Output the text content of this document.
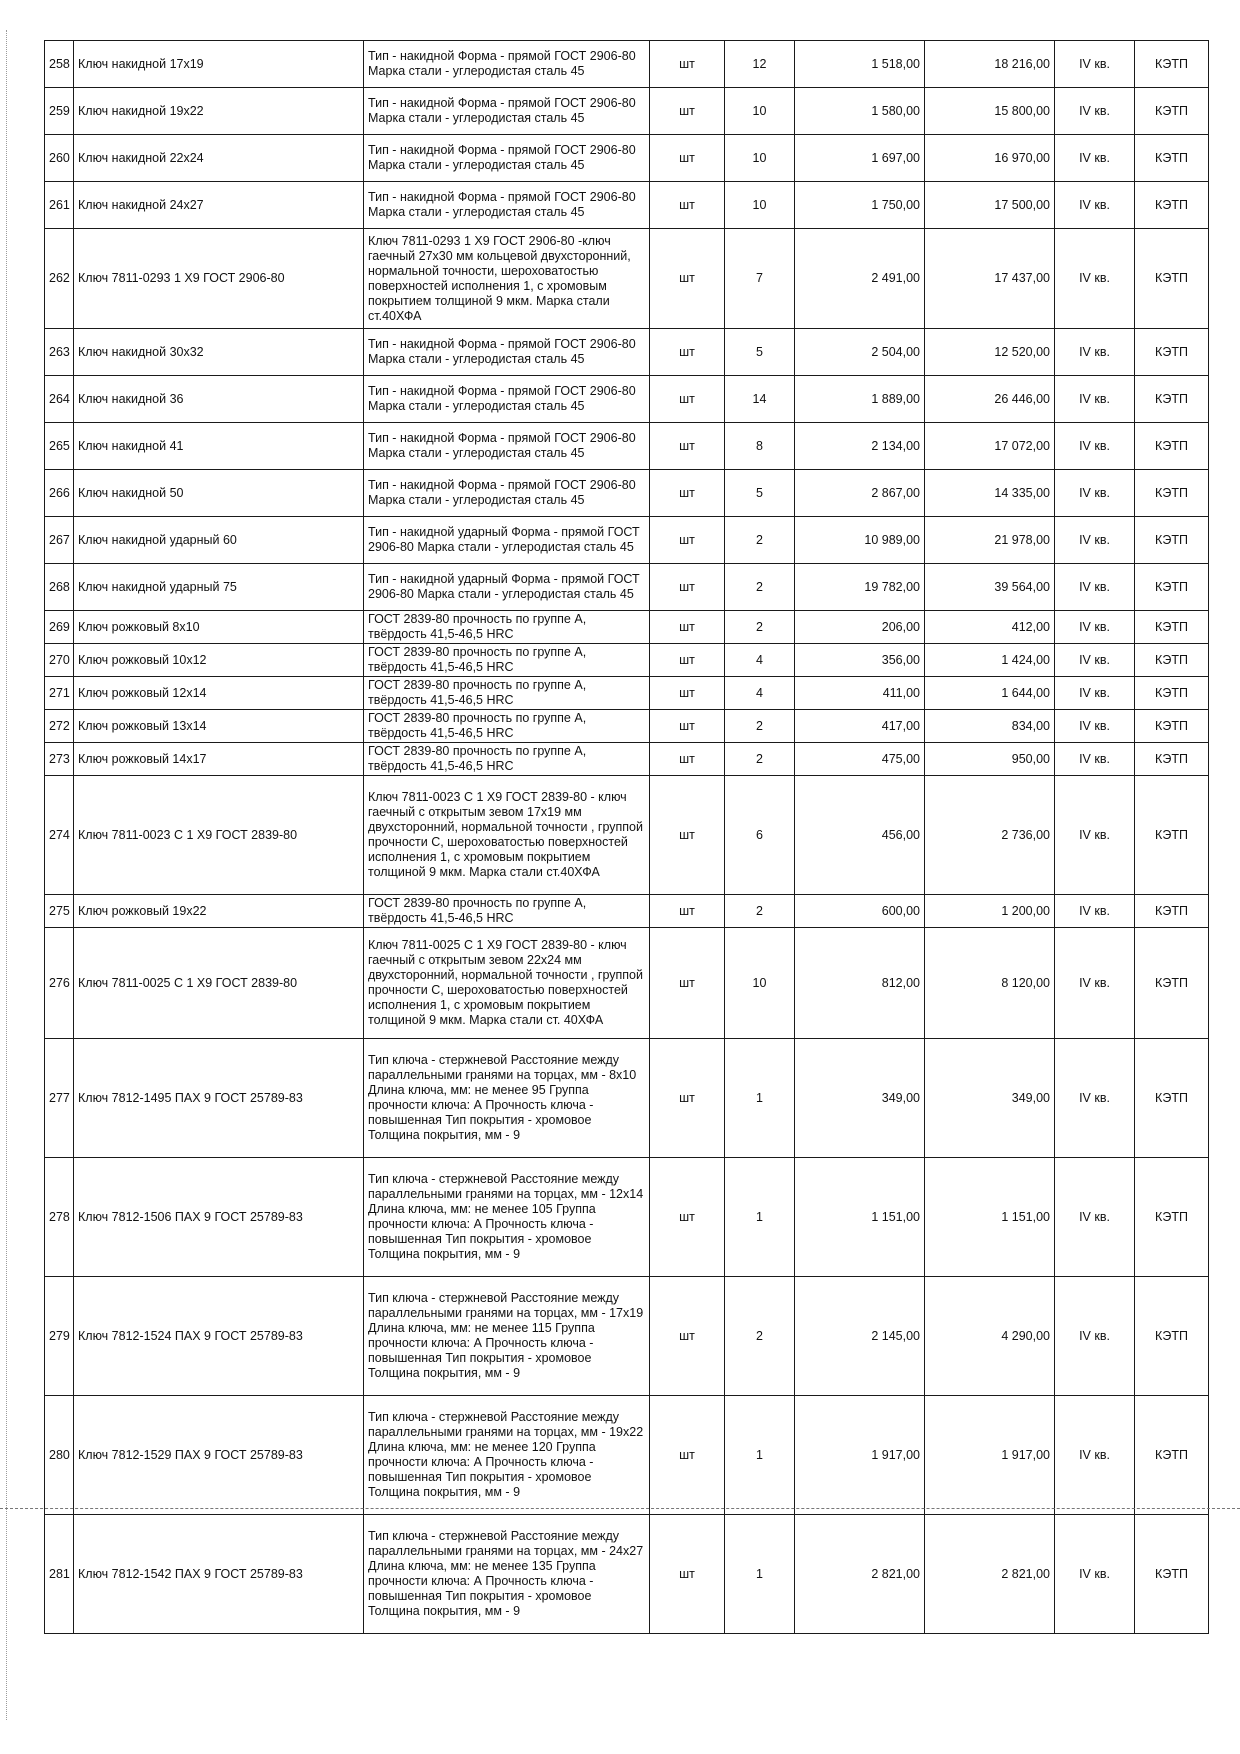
258	Ключ накидной 17х19	Тип - накидной Форма - прямой ГОСТ 2906-80 Марка стали - углеродистая сталь 45	шт	12	1 518,00	18 216,00	IV кв.	КЭТП
259	Ключ накидной 19х22	Тип - накидной Форма - прямой ГОСТ 2906-80 Марка стали - углеродистая сталь 45	шт	10	1 580,00	15 800,00	IV кв.	КЭТП
260	Ключ накидной 22х24	Тип - накидной Форма - прямой ГОСТ 2906-80 Марка стали - углеродистая сталь 45	шт	10	1 697,00	16 970,00	IV кв.	КЭТП
261	Ключ накидной 24х27	Тип - накидной Форма - прямой ГОСТ 2906-80 Марка стали - углеродистая сталь 45	шт	10	1 750,00	17 500,00	IV кв.	КЭТП
262	Ключ 7811-0293 1 Х9 ГОСТ 2906-80	Ключ 7811-0293 1 Х9 ГОСТ 2906-80 -ключ гаечный 27х30 мм кольцевой двухсторонний, нормальной точности, шероховатостью поверхностей исполнения 1, с хромовым покрытием толщиной 9 мкм. Марка стали ст.40ХФА	шт	7	2 491,00	17 437,00	IV кв.	КЭТП
263	Ключ накидной 30х32	Тип - накидной Форма - прямой ГОСТ 2906-80 Марка стали - углеродистая сталь 45	шт	5	2 504,00	12 520,00	IV кв.	КЭТП
264	Ключ накидной 36	Тип - накидной Форма - прямой ГОСТ 2906-80 Марка стали - углеродистая сталь 45	шт	14	1 889,00	26 446,00	IV кв.	КЭТП
265	Ключ накидной 41	Тип - накидной Форма - прямой ГОСТ 2906-80 Марка стали - углеродистая сталь 45	шт	8	2 134,00	17 072,00	IV кв.	КЭТП
266	Ключ накидной 50	Тип - накидной Форма - прямой ГОСТ 2906-80 Марка стали - углеродистая сталь 45	шт	5	2 867,00	14 335,00	IV кв.	КЭТП
267	Ключ накидной ударный 60	Тип - накидной ударный Форма - прямой ГОСТ 2906-80 Марка стали - углеродистая сталь 45	шт	2	10 989,00	21 978,00	IV кв.	КЭТП
268	Ключ накидной ударный 75	Тип - накидной ударный Форма - прямой ГОСТ 2906-80 Марка стали - углеродистая сталь 45	шт	2	19 782,00	39 564,00	IV кв.	КЭТП
269	Ключ рожковый 8х10	ГОСТ 2839-80 прочность по группе А, твёрдость 41,5-46,5 HRC	шт	2	206,00	412,00	IV кв.	КЭТП
270	Ключ рожковый 10х12	ГОСТ 2839-80 прочность по группе А, твёрдость 41,5-46,5 HRC	шт	4	356,00	1 424,00	IV кв.	КЭТП
271	Ключ рожковый 12х14	ГОСТ 2839-80 прочность по группе А, твёрдость 41,5-46,5 HRC	шт	4	411,00	1 644,00	IV кв.	КЭТП
272	Ключ рожковый 13х14	ГОСТ 2839-80 прочность по группе А, твёрдость 41,5-46,5 HRC	шт	2	417,00	834,00	IV кв.	КЭТП
273	Ключ рожковый 14х17	ГОСТ 2839-80 прочность по группе А, твёрдость 41,5-46,5 HRC	шт	2	475,00	950,00	IV кв.	КЭТП
274	Ключ 7811-0023 С 1 Х9 ГОСТ 2839-80	Ключ 7811-0023 С 1 Х9 ГОСТ 2839-80 - ключ гаечный с открытым зевом 17х19 мм двухсторонний, нормальной точности , группой прочности С, шероховатостью поверхностей исполнения 1, с хромовым покрытием толщиной 9 мкм. Марка стали ст.40ХФА	шт	6	456,00	2 736,00	IV кв.	КЭТП
275	Ключ рожковый 19х22	ГОСТ 2839-80 прочность по группе А, твёрдость 41,5-46,5 HRC	шт	2	600,00	1 200,00	IV кв.	КЭТП
276	Ключ 7811-0025 С 1 Х9 ГОСТ 2839-80	Ключ 7811-0025 С 1 Х9 ГОСТ 2839-80 - ключ гаечный с открытым зевом 22х24 мм двухсторонний, нормальной точности , группой прочности С, шероховатостью поверхностей исполнения 1, с хромовым покрытием толщиной 9 мкм. Марка стали ст. 40ХФА	шт	10	812,00	8 120,00	IV кв.	КЭТП
277	Ключ 7812-1495 ПАХ 9 ГОСТ 25789-83	Тип ключа - стержневой Расстояние между параллельными гранями на торцах, мм - 8х10 Длина ключа, мм: не менее 95 Группа прочности ключа: А Прочность ключа - повышенная Тип покрытия - хромовое Толщина покрытия, мм - 9	шт	1	349,00	349,00	IV кв.	КЭТП
278	Ключ 7812-1506 ПАХ 9 ГОСТ 25789-83	Тип ключа - стержневой Расстояние между параллельными гранями на торцах, мм - 12х14 Длина ключа, мм: не менее 105 Группа прочности ключа: А Прочность ключа - повышенная Тип покрытия - хромовое Толщина покрытия, мм - 9	шт	1	1 151,00	1 151,00	IV кв.	КЭТП
279	Ключ 7812-1524 ПАХ 9 ГОСТ 25789-83	Тип ключа - стержневой Расстояние между параллельными гранями на торцах, мм - 17х19 Длина ключа, мм: не менее 115 Группа прочности ключа: А Прочность ключа - повышенная Тип покрытия - хромовое Толщина покрытия, мм - 9	шт	2	2 145,00	4 290,00	IV кв.	КЭТП
280	Ключ 7812-1529 ПАХ 9 ГОСТ 25789-83	Тип ключа - стержневой Расстояние между параллельными гранями на торцах, мм - 19х22 Длина ключа, мм: не менее 120 Группа прочности ключа: А Прочность ключа - повышенная Тип покрытия - хромовое Толщина покрытия, мм - 9	шт	1	1 917,00	1 917,00	IV кв.	КЭТП
281	Ключ 7812-1542 ПАХ 9 ГОСТ 25789-83	Тип ключа - стержневой Расстояние между параллельными гранями на торцах, мм - 24х27 Длина ключа, мм: не менее 135 Группа прочности ключа: А Прочность ключа - повышенная Тип покрытия - хромовое Толщина покрытия, мм - 9	шт	1	2 821,00	2 821,00	IV кв.	КЭТП
